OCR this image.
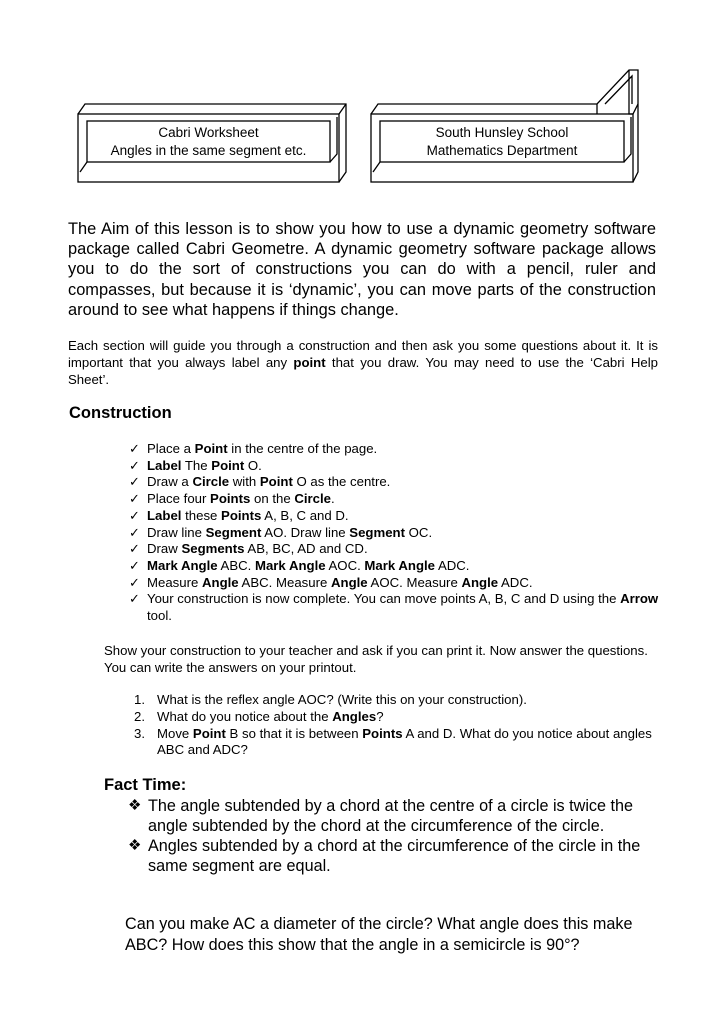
Cabri Worksheet
Angles in the same segment etc.
South Hunsley School
Mathematics Department

The Aim of this lesson is to show you how to use a dynamic geometry software package called Cabri Geometre. A dynamic geometry software package allows you to do the sort of constructions you can do with a pencil, ruler and compasses, but because it is ‘dynamic’, you can move parts of the construction around to see what happens if things change.

Each section will guide you through a construction and then ask you some questions about it. It is important that you always label any point that you draw. You may need to use the ‘Cabri Help Sheet’.

Construction
✓ Place a Point in the centre of the page.
✓ Label The Point O.
✓ Draw a Circle with Point O as the centre.
✓ Place four Points on the Circle.
✓ Label these Points A, B, C and D.
✓ Draw line Segment AO. Draw line Segment OC.
✓ Draw Segments AB, BC, AD and CD.
✓ Mark Angle ABC. Mark Angle AOC. Mark Angle ADC.
✓ Measure Angle ABC. Measure Angle AOC. Measure Angle ADC.
✓ Your construction is now complete. You can move points A, B, C and D using the Arrow tool.

Show your construction to your teacher and ask if you can print it. Now answer the questions. You can write the answers on your printout.

1. What is the reflex angle AOC? (Write this on your construction).
2. What do you notice about the Angles?
3. Move Point B so that it is between Points A and D. What do you notice about angles ABC and ADC?
Fact Time:
❖ The angle subtended by a chord at the centre of a circle is twice the angle subtended by the chord at the circumference of the circle.
❖ Angles subtended by a chord at the circumference of the circle in the same segment are equal.

Can you make AC a diameter of the circle? What angle does this make ABC? How does this show that the angle in a semicircle is 90°?
